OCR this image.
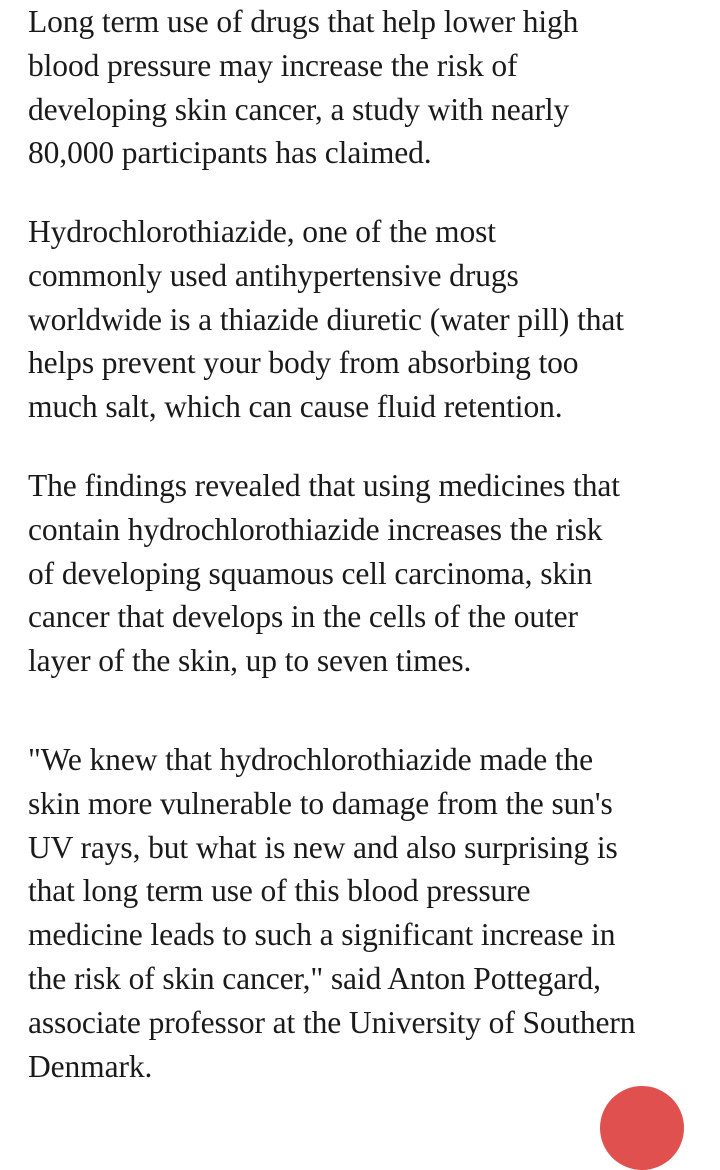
Long term use of drugs that help lower high
blood pressure may increase the risk of
developing skin cancer, a study with nearly
80,000 participants has claimed.

Hydrochlorothiazide, one of the most
commonly used antihypertensive drugs
worldwide is a thiazide diuretic (water pill) that
helps prevent your body from absorbing too
much salt, which can cause fluid retention.

The findings revealed that using medicines that
contain hydrochlorothiazide increases the risk
of developing squamous cell carcinoma, skin
cancer that develops in the cells of the outer
layer of the skin, up to seven times.

"We knew that hydrochlorothiazide made the
skin more vulnerable to damage from the sun's
UV rays, but what is new and also surprising is
that long term use of this blood pressure
medicine leads to such a significant increase in
the risk of skin cancer," said Anton Pottegard,
associate professor at the University of Southern
Denmark.
